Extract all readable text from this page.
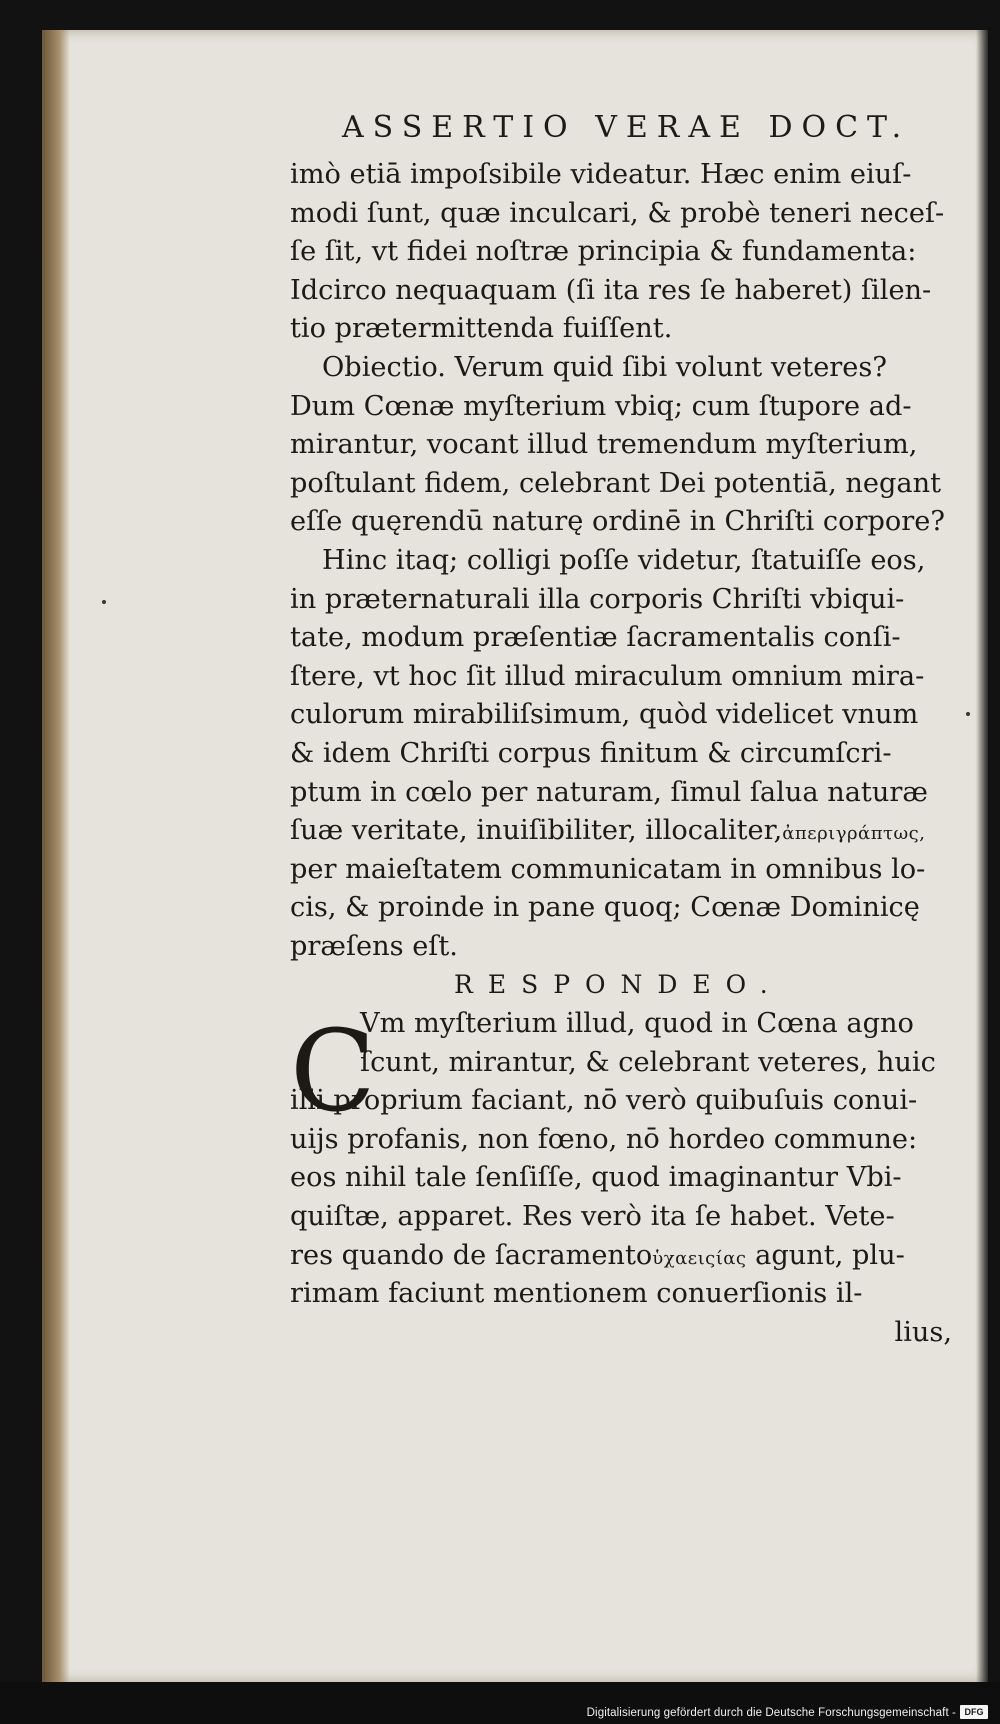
ASSERTIO VERAE DOCT.
imò etiā impoſsibile videatur. Hæc enim eiuſ-
modi ſunt, quæ inculcari, & probè teneri neceſ-
ſe ſit, vt fidei noſtræ principia & fundamenta:
Idcirco nequaquam (ſi ita res ſe haberet) ſilen-
tio prætermittenda fuiſſent.
Obiectio. Verum quid ſibi volunt veteres?
Dum Cœnæ myſterium vbiq; cum ſtupore ad-
mirantur, vocant illud tremendum myſterium,
poſtulant fidem, celebrant Dei potentiā, negant
eſſe quęrendū naturę ordinē in Chriſti corpore?
Hinc itaq; colligi poſſe videtur, ſtatuiſſe eos,
in præternaturali illa corporis Chriſti vbiqui-
tate, modum præſentiæ ſacramentalis conſi-
ſtere, vt hoc ſit illud miraculum omnium mira-
culorum mirabiliſsimum, quòd videlicet vnum
& idem Chriſti corpus finitum & circumſcri-
ptum in cœlo per naturam, ſimul ſalua naturæ
ſuæ veritate, inuiſibiliter, illocaliter,ἀπεριγράπτως,
per maieſtatem communicatam in omnibus lo-
cis, & proinde in pane quoq; Cœnæ Dominicę
præſens eſt.
RESPONDEO.
Vm myſterium illud, quod in Cœna agno
ſcunt, mirantur, & celebrant veteres, huic
illi proprium faciant, nō verò quibuſuis conui-
uijs profanis, non fœno, nō hordeo commune:
eos nihil tale ſenſiſſe, quod imaginantur Vbi-
quiſtæ, apparet. Res verò ita ſe habet. Vete-
res quando de ſacramentoὑχαειςίας agunt, plu-
rimam faciunt mentionem conuerſionis il-
lius,
C
Digitalisierung gefördert durch die Deutsche Forschungsgemeinschaft - DFG
